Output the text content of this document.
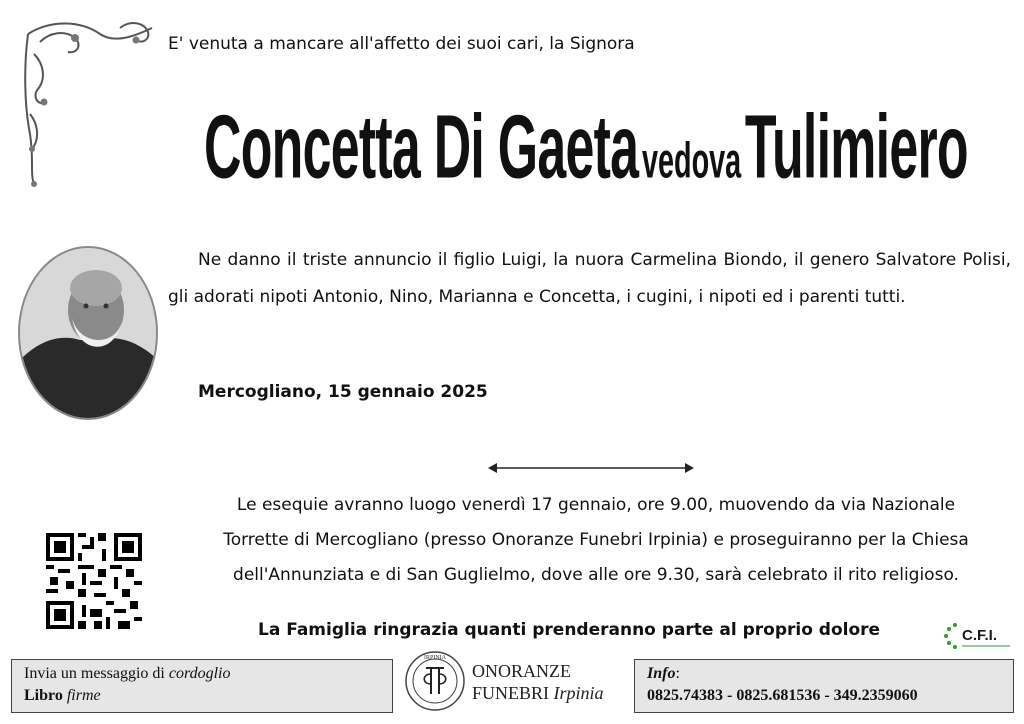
E' venuta a mancare all'affetto dei suoi cari, la Signora
Concetta Di Gaeta vedova Tulimiero
Ne danno il triste annuncio il figlio Luigi, la nuora Carmelina Biondo, il genero Salvatore Polisi, gli adorati nipoti Antonio, Nino, Marianna e Concetta, i cugini, i nipoti ed i parenti tutti.
Mercogliano, 15 gennaio 2025
Le esequie avranno luogo venerdì 17 gennaio, ore 9.00, muovendo da via Nazionale
Torrette di Mercogliano (presso Onoranze Funebri Irpinia) e proseguiranno per la Chiesa
dell'Annunziata e di San Guglielmo, dove alle ore 9.30, sarà celebrato il rito religioso.
La Famiglia ringrazia quanti prenderanno parte al proprio dolore	C.F.I.
Invia un messaggio di cordoglio
Libro firme
IRPINIA
ONORANZE
FUNEBRI Irpinia
Info:
0825.74383 - 0825.681536 - 349.2359060
